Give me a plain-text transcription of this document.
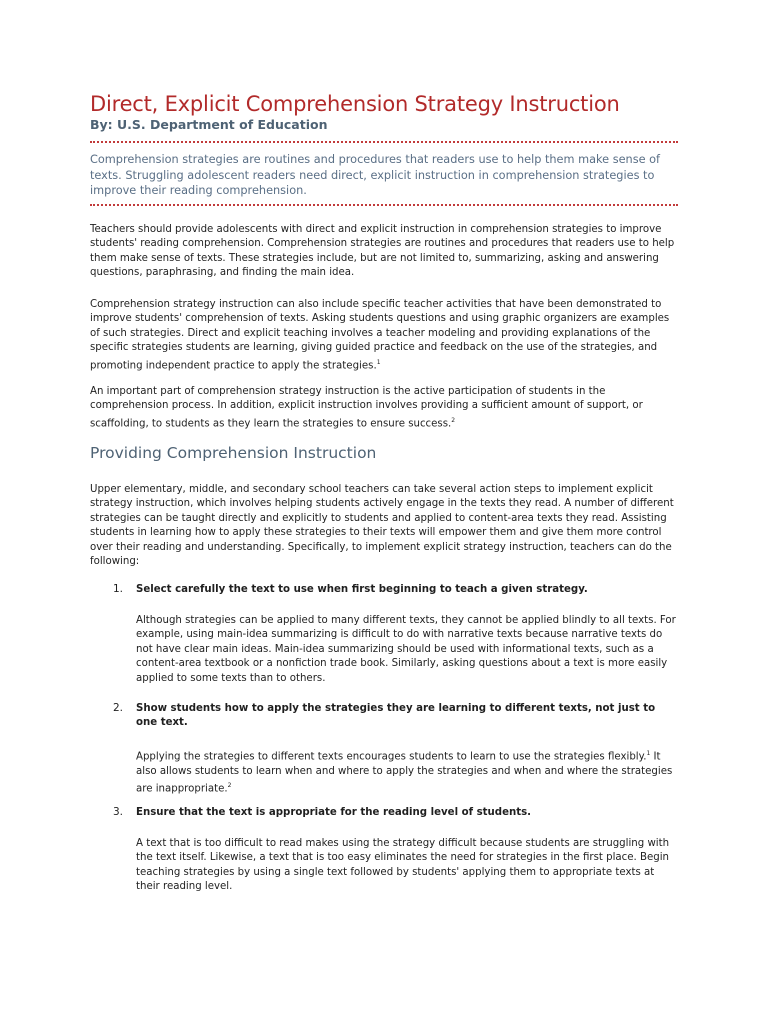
Direct, Explicit Comprehension Strategy Instruction
By: U.S. Department of Education

Comprehension strategies are routines and procedures that readers use to help them make sense of texts. Struggling adolescent readers need direct, explicit instruction in comprehension strategies to improve their reading comprehension.

Teachers should provide adolescents with direct and explicit instruction in comprehension strategies to improve students' reading comprehension. Comprehension strategies are routines and procedures that readers use to help them make sense of texts. These strategies include, but are not limited to, summarizing, asking and answering questions, paraphrasing, and finding the main idea.

Comprehension strategy instruction can also include specific teacher activities that have been demonstrated to improve students' comprehension of texts. Asking students questions and using graphic organizers are examples of such strategies. Direct and explicit teaching involves a teacher modeling and providing explanations of the specific strategies students are learning, giving guided practice and feedback on the use of the strategies, and promoting independent practice to apply the strategies.$^1$

An important part of comprehension strategy instruction is the active participation of students in the comprehension process. In addition, explicit instruction involves providing a sufficient amount of support, or scaffolding, to students as they learn the strategies to ensure success.$^2$

Providing Comprehension Instruction

Upper elementary, middle, and secondary school teachers can take several action steps to implement explicit strategy instruction, which involves helping students actively engage in the texts they read. A number of different strategies can be taught directly and explicitly to students and applied to content-area texts they read. Assisting students in learning how to apply these strategies to their texts will empower them and give them more control over their reading and understanding. Specifically, to implement explicit strategy instruction, teachers can do the following:

1. Select carefully the text to use when first beginning to teach a given strategy.

Although strategies can be applied to many different texts, they cannot be applied blindly to all texts. For example, using main-idea summarizing is difficult to do with narrative texts because narrative texts do not have clear main ideas. Main-idea summarizing should be used with informational texts, such as a content-area textbook or a nonfiction trade book. Similarly, asking questions about a text is more easily applied to some texts than to others.

2. Show students how to apply the strategies they are learning to different texts, not just to one text.

Applying the strategies to different texts encourages students to learn to use the strategies flexibly.$^1$ It also allows students to learn when and where to apply the strategies and when and where the strategies are inappropriate.$^2$

3. Ensure that the text is appropriate for the reading level of students.

A text that is too difficult to read makes using the strategy difficult because students are struggling with the text itself. Likewise, a text that is too easy eliminates the need for strategies in the first place. Begin teaching strategies by using a single text followed by students' applying them to appropriate texts at their reading level.
